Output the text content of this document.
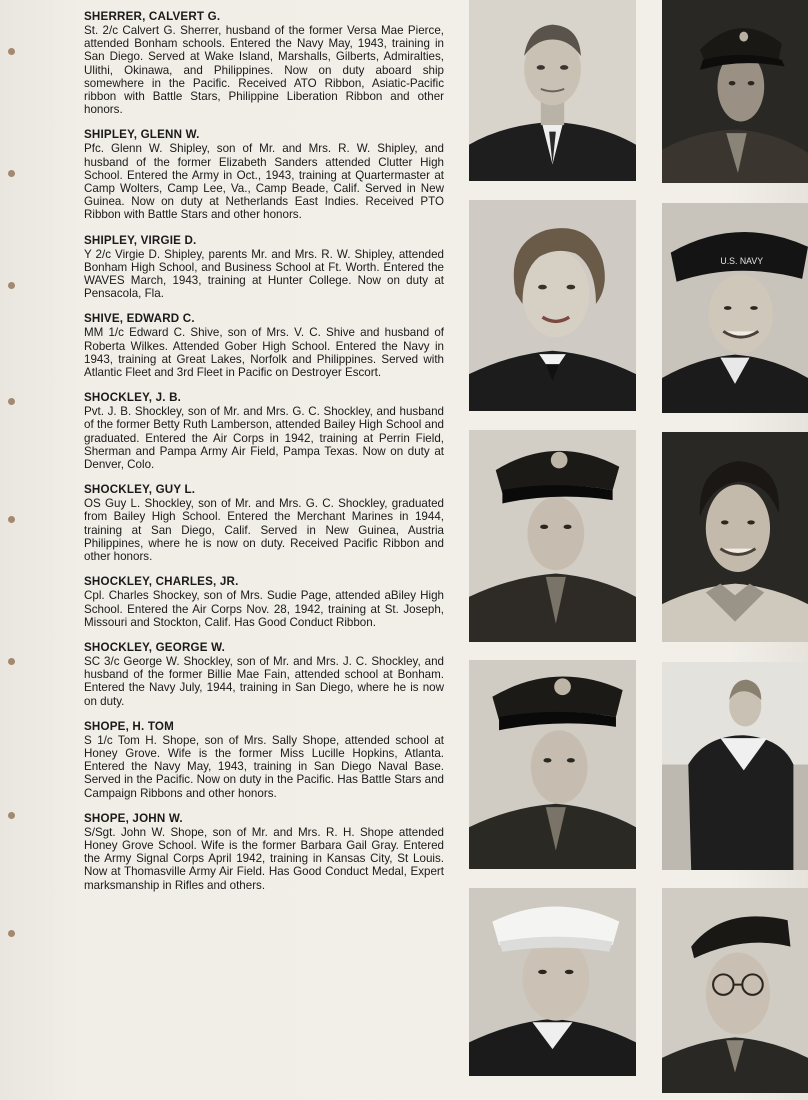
SHERRER, CALVERT G.

St. 2/c Calvert G. Sherrer, husband of the former Versa Mae Pierce, attended Bonham schools. Entered the Navy May, 1943, training in San Diego. Served at Wake Island, Marshalls, Gilberts, Admiralties, Ulithi, Okinawa, and Philippines. Now on duty aboard ship somewhere in the Pacific. Received ATO Ribbon, Asiatic-Pacific ribbon with Battle Stars, Philippine Liberation Ribbon and other honors.

SHIPLEY, GLENN W.

Pfc. Glenn W. Shipley, son of Mr. and Mrs. R. W. Shipley, and husband of the former Elizabeth Sanders attended Clutter High School. Entered the Army in Oct., 1943, training at Quartermaster at Camp Wolters, Camp Lee, Va., Camp Beade, Calif. Served in New Guinea. Now on duty at Netherlands East Indies. Received PTO Ribbon with Battle Stars and other honors.

SHIPLEY, VIRGIE D.

Y 2/c Virgie D. Shipley, parents Mr. and Mrs. R. W. Shipley, attended Bonham High School, and Business School at Ft. Worth. Entered the WAVES March, 1943, training at Hunter College. Now on duty at Pensacola, Fla.

SHIVE, EDWARD C.

MM 1/c Edward C. Shive, son of Mrs. V. C. Shive and husband of Roberta Wilkes. Attended Gober High School. Entered the Navy in 1943, training at Great Lakes, Norfolk and Philippines. Served with Atlantic Fleet and 3rd Fleet in Pacific on Destroyer Escort.

SHOCKLEY, J. B.

Pvt. J. B. Shockley, son of Mr. and Mrs. G. C. Shockley, and husband of the former Betty Ruth Lamberson, attended Bailey High School and graduated. Entered the Air Corps in 1942, training at Perrin Field, Sherman and Pampa Army Air Field, Pampa Texas. Now on duty at Denver, Colo.

SHOCKLEY, GUY L.

OS Guy L. Shockley, son of Mr. and Mrs. G. C. Shockley, graduated from Bailey High School. Entered the Merchant Marines in 1944, training at San Diego, Calif. Served in New Guinea, Austria Philippines, where he is now on duty. Received Pacific Ribbon and other honors.

SHOCKLEY, CHARLES, JR.

Cpl. Charles Shockey, son of Mrs. Sudie Page, attended aBiley High School. Entered the Air Corps Nov. 28, 1942, training at St. Joseph, Missouri and Stockton, Calif. Has Good Conduct Ribbon.

SHOCKLEY, GEORGE W.

SC 3/c George W. Shockley, son of Mr. and Mrs. J. C. Shockley, and husband of the former Billie Mae Fain, attended school at Bonham. Entered the Navy July, 1944, training in San Diego, where he is now on duty.

SHOPE, H. TOM

S 1/c Tom H. Shope, son of Mrs. Sally Shope, attended school at Honey Grove. Wife is the former Miss Lucille Hopkins, Atlanta. Entered the Navy May, 1943, training in San Diego Naval Base. Served in the Pacific. Now on duty in the Pacific. Has Battle Stars and Campaign Ribbons and other honors.

SHOPE, JOHN W.

S/Sgt. John W. Shope, son of Mr. and Mrs. R. H. Shope attended Honey Grove School. Wife is the former Barbara Gail Gray. Entered the Army Signal Corps April 1942, training in Kansas City, St Louis. Now at Thomasville Army Air Field. Has Good Conduct Medal, Expert marksmanship in Rifles and others.

U.S. NAVY
